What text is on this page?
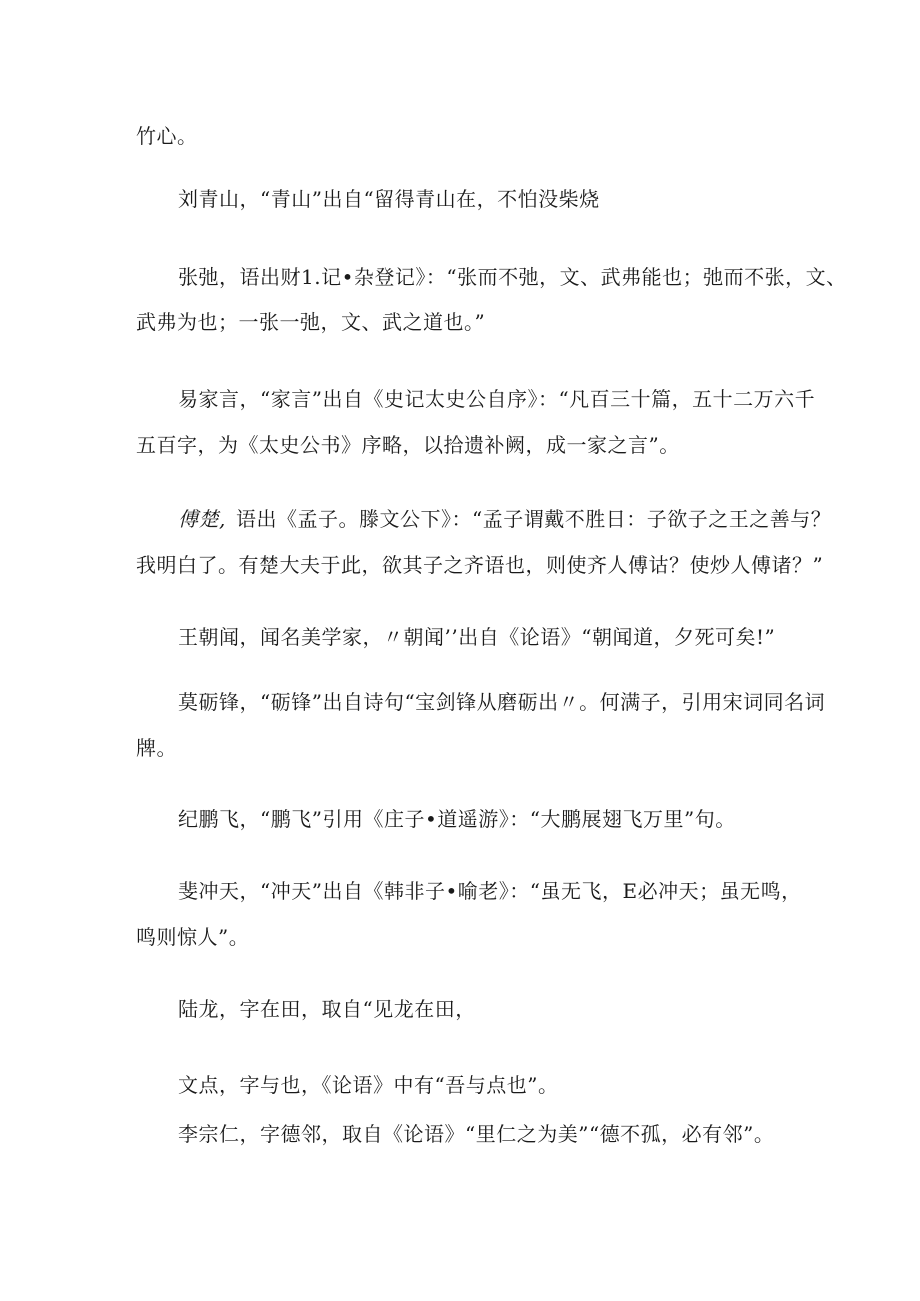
竹心。
刘青山，“青山”出自“留得青山在，不怕没柴烧
张弛，语出财1.记•杂登记》：“张而不弛，文、武弗能也；弛而不张，文、
武弗为也；一张一弛，文、武之道也。”
易家言，“家言”出自《史记太史公自序》：“凡百三十篇，五十二万六千
五百字，为《太史公书》序略，以拾遗补阙，成一家之言”。
傅楚, 语出《孟子。滕文公下》：“孟子谓戴不胜日：子欲子之王之善与？
我明白了。有楚大夫于此，欲其子之齐语也，则使齐人傅诂？使炒人傅诸？”
王朝闻，闻名美学家，〃朝闻’’出自《论语》“朝闻道，夕死可矣!”
莫砺锋，“砺锋”出自诗句“宝剑锋从磨砺出〃。何满子，引用宋词同名词
牌。
纪鹏飞，“鹏飞”引用《庄子•道遥游》：“大鹏展翅飞万里”句。
斐冲天，“冲天”出自《韩非子•喻老》：“虽无飞，E必冲天；虽无鸣，
鸣则惊人”。
陆龙，字在田，取自“见龙在田，
文点，字与也，《论语》中有“吾与点也”。
李宗仁，字德邻，取自《论语》“里仁之为美”“德不孤，必有邻”。
